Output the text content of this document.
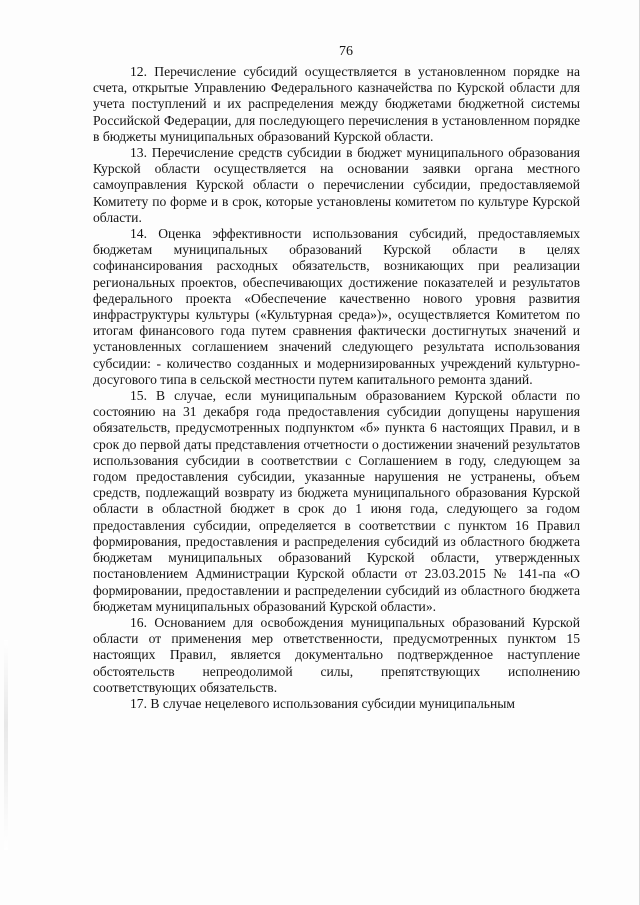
76

12. Перечисление субсидий осуществляется в установленном порядке на счета, открытые Управлению Федерального казначейства по Курской области для учета поступлений и их распределения между бюджетами бюджетной системы Российской Федерации, для последующего перечисления в установленном порядке в бюджеты муниципальных образований Курской области.

13. Перечисление средств субсидии в бюджет муниципального образования Курской области осуществляется на основании заявки органа местного самоуправления Курской области о перечислении субсидии, предоставляемой Комитету по форме и в срок, которые установлены комитетом по культуре Курской области.

14. Оценка эффективности использования субсидий, предоставляемых бюджетам муниципальных образований Курской области в целях софинансирования расходных обязательств, возникающих при реализации региональных проектов, обеспечивающих достижение показателей и результатов федерального проекта «Обеспечение качественно нового уровня развития инфраструктуры культуры («Культурная среда»)», осуществляется Комитетом по итогам финансового года путем сравнения фактически достигнутых значений и установленных соглашением значений следующего результата использования субсидии: - количество созданных и модернизированных учреждений культурно-досугового типа в сельской местности путем капитального ремонта зданий.

15. В случае, если муниципальным образованием Курской области по состоянию на 31 декабря года предоставления субсидии допущены нарушения обязательств, предусмотренных подпунктом «б» пункта 6 настоящих Правил, и в срок до первой даты представления отчетности о достижении значений результатов использования субсидии в соответствии с Соглашением в году, следующем за годом предоставления субсидии, указанные нарушения не устранены, объем средств, подлежащий возврату из бюджета муниципального образования Курской области в областной бюджет в срок до 1 июня года, следующего за годом предоставления субсидии, определяется в соответствии с пунктом 16 Правил формирования, предоставления и распределения субсидий из областного бюджета бюджетам муниципальных образований Курской области, утвержденных постановлением Администрации Курской области от 23.03.2015 № 141-па «О формировании, предоставлении и распределении субсидий из областного бюджета бюджетам муниципальных образований Курской области».

16. Основанием для освобождения муниципальных образований Курской области от применения мер ответственности, предусмотренных пунктом 15 настоящих Правил, является документально подтвержденное наступление обстоятельств непреодолимой силы, препятствующих исполнению соответствующих обязательств.

17. В случае нецелевого использования субсидии муниципальным
